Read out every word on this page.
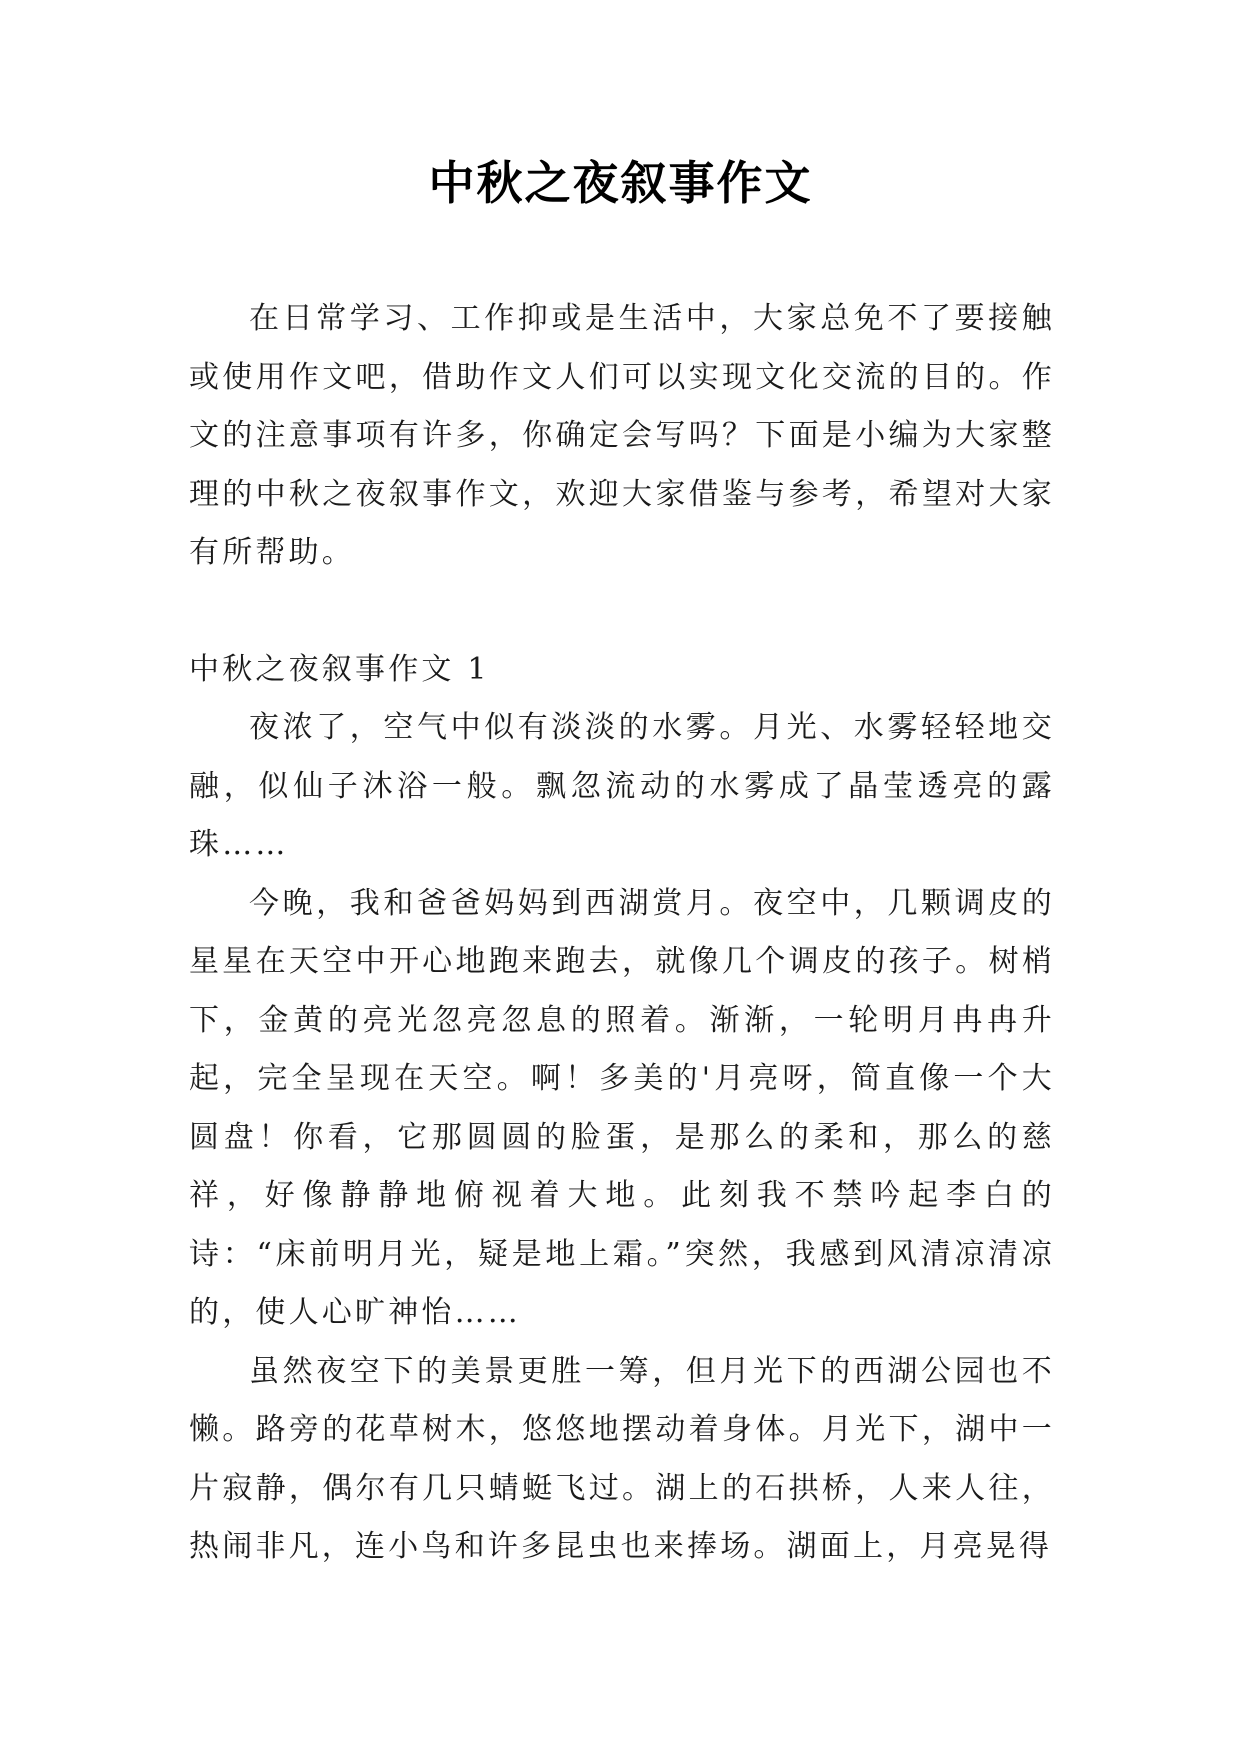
中秋之夜叙事作文

在日常学习、工作抑或是生活中，大家总免不了要接触或使用作文吧，借助作文人们可以实现文化交流的目的。作文的注意事项有许多，你确定会写吗？下面是小编为大家整理的中秋之夜叙事作文，欢迎大家借鉴与参考，希望对大家有所帮助。

中秋之夜叙事作文 1

夜浓了，空气中似有淡淡的水雾。月光、水雾轻轻地交融，似仙子沐浴一般。飘忽流动的水雾成了晶莹透亮的露珠……

今晚，我和爸爸妈妈到西湖赏月。夜空中，几颗调皮的星星在天空中开心地跑来跑去，就像几个调皮的孩子。树梢下，金黄的亮光忽亮忽息的照着。渐渐，一轮明月冉冉升起，完全呈现在天空。啊！多美的'月亮呀，简直像一个大圆盘！你看，它那圆圆的脸蛋，是那么的柔和，那么的慈祥，好像静静地俯视着大地。此刻我不禁吟起李白的诗：“床前明月光，疑是地上霜。”突然，我感到风清凉清凉的，使人心旷神怡……

虽然夜空下的美景更胜一筹，但月光下的西湖公园也不懒。路旁的花草树木，悠悠地摆动着身体。月光下，湖中一片寂静，偶尔有几只蜻蜓飞过。湖上的石拱桥，人来人往，热闹非凡，连小鸟和许多昆虫也来捧场。湖面上，月亮晃得
